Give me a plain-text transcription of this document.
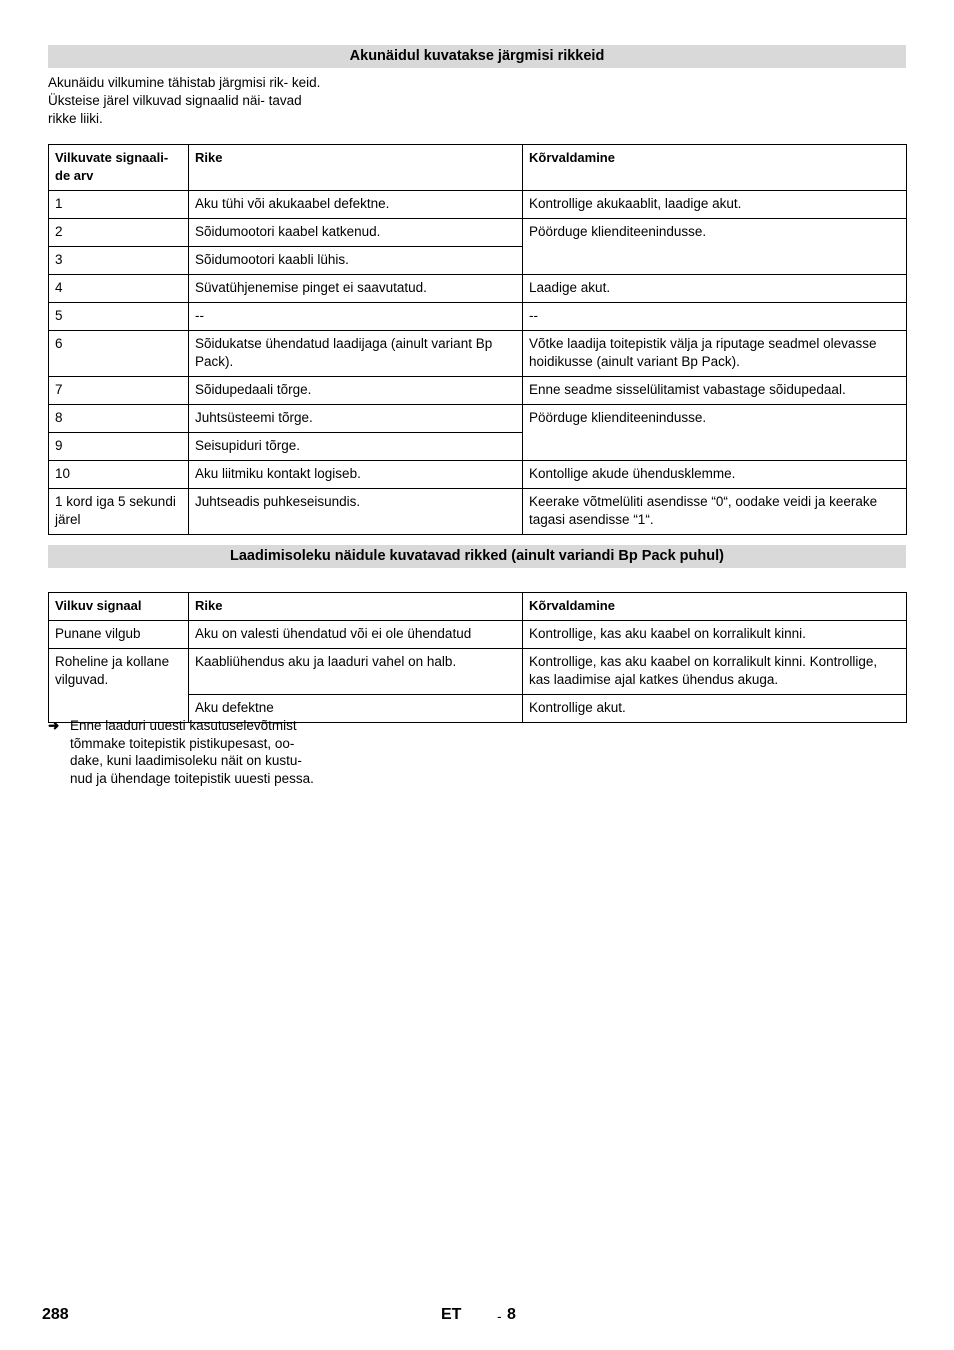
Akunäidul kuvatakse järgmisi rikkeid
Akunäidu vilkumine tähistab järgmisi rik- keid. Üksteise järel vilkuvad signaalid näi- tavad rikke liiki.
Vilkuvate signaali- de arv	Rike	Kõrvaldamine
1	Aku tühi või akukaabel defektne.	Kontrollige akukaablit, laadige akut.
2	Sõidumootori kaabel katkenud.	Pöörduge klienditeenindusse.
3	Sõidumootori kaabli lühis.	
4	Süvatühjenemise pinget ei saavutatud.	Laadige akut.
5	--	--
6	Sõidukatse ühendatud laadijaga (ainult variant Bp Pack).	Võtke laadija toitepistik välja ja riputage seadmel olevasse hoidikusse (ainult variant Bp Pack).
7	Sõidupedaali tõrge.	Enne seadme sisselülitamist vabastage sõidupedaal.
8	Juhtsüsteemi tõrge.	Pöörduge klienditeenindusse.
9	Seisupiduri tõrge.	
10	Aku liitmiku kontakt logiseb.	Kontollige akude ühendusklemme.
1 kord iga 5 sekundi järel	Juhtseadis puhkeseisundis.	Keerake võtmelüliti asendisse “0“, oodake veidi ja keerake tagasi asendisse “1“.
Laadimisoleku näidule kuvatavad rikked (ainult variandi Bp Pack puhul)
Vilkuv signaal	Rike	Kõrvaldamine
Punane vilgub	Aku on valesti ühendatud või ei ole ühendatud	Kontrollige, kas aku kaabel on korralikult kinni.
Roheline ja kollane vilguvad.	Kaabliühendus aku ja laaduri vahel on halb.	Kontrollige, kas aku kaabel on korralikult kinni. Kontrollige, kas laadimise ajal katkes ühendus akuga.
	Aku defektne	Kontrollige akut.
➜ Enne laaduri uuesti kasutuselevõtmist tõmmake toitepistik pistikupesast, oo- dake, kuni laadimisoleku näit on kustu- nud ja ühendage toitepistik uuesti pessa.
288	ET	- 8
